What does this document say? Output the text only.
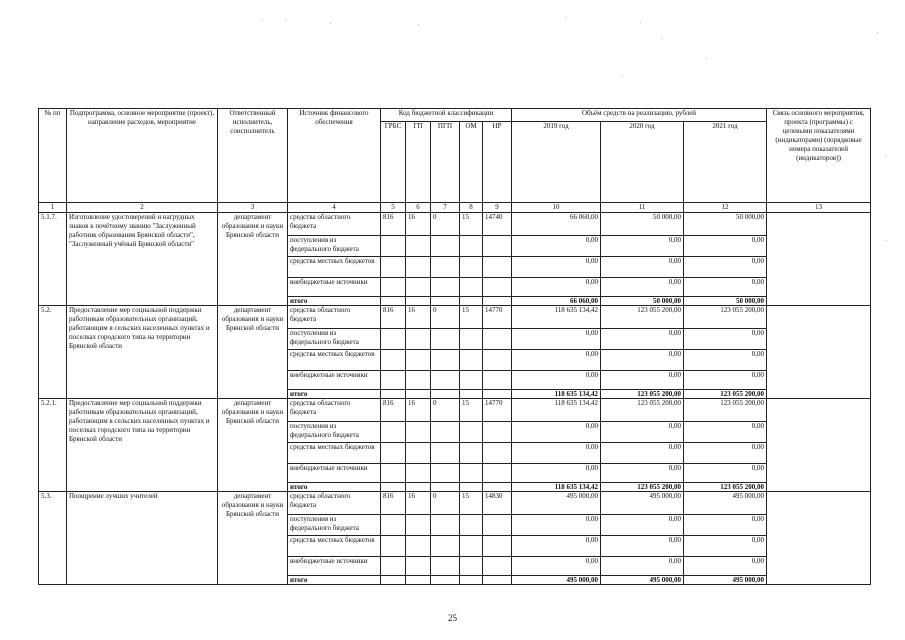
№ пп	Подпрограмма, основное мероприятие (проект), направление расходов, мероприятие	Ответственный исполнитель, соисполнитель	Источник финансового обеспечения	Код бюджетной классификации					Объём средств на реализацию, рублей			Связь основного мероприятия, проекта (программы) с целевыми показателями (индикаторами) (порядковые номера показателей (индикаторов))
				ГРБС	ГП	ПГП	ОМ	НР	2019 год	2020 год	2021 год	
1	2	3	4	5	6	7	8	9	10	11	12	13
5.1.7.	Изготовление удостоверений и нагрудных знаков к почётному званию "Заслуженный работник образования Брянской области", "Заслуженный учёный Брянской области"	департамент образования и науки Брянской области	средства областного бюджета	816	16	0	15	14740	66 060,00	50 000,00	50 000,00	
			поступления из федерального бюджета						0,00	0,00	0,00	
			средства местных бюджетов						0,00	0,00	0,00	
			внебюджетные источники						0,00	0,00	0,00	
			итого						66 060,00	50 000,00	50 000,00	
5.2.	Предоставление мер социальной поддержки работникам образовательных организаций, работающим в сельских населенных пунктах и поселках городского типа на территории Брянской области	департамент образования и науки Брянской области	средства областного бюджета	816	16	0	15	14770	118 635 134,42	123 055 200,00	123 055 200,00	
			поступления из федерального бюджета						0,00	0,00	0,00	
			средства местных бюджетов						0,00	0,00	0,00	
			внебюджетные источники						0,00	0,00	0,00	
			итого						118 635 134,42	123 055 200,00	123 055 200,00	
5.2.1.	Предоставление мер социальной поддержки работникам образовательных организаций, работающим в сельских населенных пунктах и поселках городского типа на территории Брянской области	департамент образования и науки Брянской области	средства областного бюджета	816	16	0	15	14770	118 635 134,42	123 055 200,00	123 055 200,00	
			поступления из федерального бюджета						0,00	0,00	0,00	
			средства местных бюджетов						0,00	0,00	0,00	
			внебюджетные источники						0,00	0,00	0,00	
			итого						118 635 134,42	123 055 200,00	123 055 200,00	
5.3.	Поощрение лучших учителей	департамент образования и науки Брянской области	средства областного бюджета	816	16	0	15	14830	495 000,00	495 000,00	495 000,00	
			поступления из федерального бюджета						0,00	0,00	0,00	
			средства местных бюджетов						0,00	0,00	0,00	
			внебюджетные источники						0,00	0,00	0,00	
			итого						495 000,00	495 000,00	495 000,00	
25
